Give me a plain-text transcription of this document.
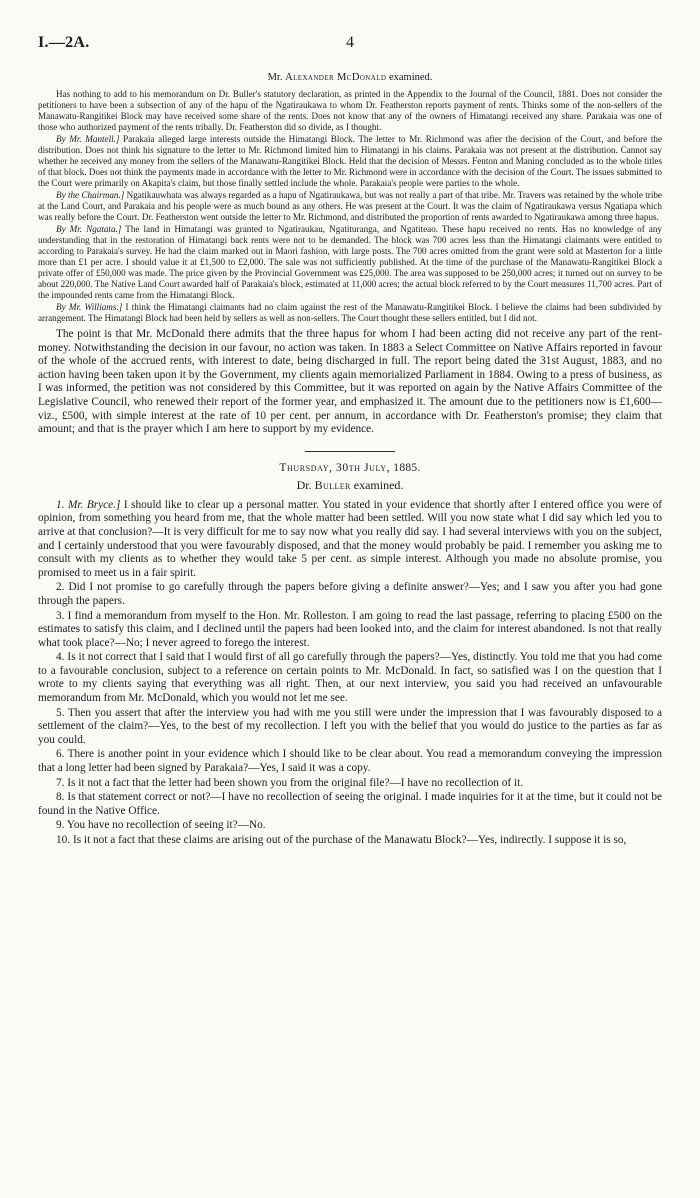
I.—2A.	4
Mr. Alexander McDonald examined.

Has nothing to add to his memorandum on Dr. Buller's statutory declaration, as printed in the Appendix to the Journal of the Council, 1881. Does not consider the petitioners to have been a subsection of any of the hapu of the Ngatiraukawa to whom Dr. Featherston reports payment of rents. Thinks some of the non-sellers of the Manawatu-Rangitikei Block may have received some share of the rents. Does not know that any of the owners of Himatangi received any share. Parakaia was one of those who authorized payment of the rents tribally. Dr. Featherston did so divide, as I thought.

By Mr. Mantell.] Parakaia alleged large interests outside the Himatangi Block. The letter to Mr. Richmond was after the decision of the Court, and before the distribution. Does not think his signature to the letter to Mr. Richmond limited him to Himatangi in his claims. Parakaia was not present at the distribution. Cannot say whether he received any money from the sellers of the Manawatu-Rangitikei Block. Held that the decision of Messrs. Fenton and Maning concluded as to the whole titles of that block. Does not think the payments made in accordance with the letter to Mr. Richmond were in accordance with the decision of the Court. The issues submitted to the Court were primarily on Akapita's claim, but those finally settled include the whole. Parakaia's people were parties to the whole.

By the Chairman.] Ngatikauwhata was always regarded as a hapu of Ngatiraukawa, but was not really a part of that tribe. Mr. Travers was retained by the whole tribe at the Land Court, and Parakaia and his people were as much bound as any others. He was present at the Court. It was the claim of Ngatiraukawa versus Ngatiapa which was really before the Court. Dr. Featherston went outside the letter to Mr. Richmond, and distributed the proportion of rents awarded to Ngatiraukawa among three hapus.

By Mr. Ngatata.] The land in Himatangi was granted to Ngatiraukau, Ngatituranga, and Ngatiteao. These hapu received no rents. Has no knowledge of any understanding that in the restoration of Himatangi back rents were not to be demanded. The block was 700 acres less than the Himatangi claimants were entitled to according to Parakaia's survey. He had the claim marked out in Maori fashion, with large posts. The 700 acres omitted from the grant were sold at Masterton for a little more than £1 per acre. I should value it at £1,500 to £2,000. The sale was not sufficiently published. At the time of the purchase of the Manawatu-Rangitikei Block a private offer of £50,000 was made. The price given by the Provincial Government was £25,000. The area was supposed to be 250,000 acres; it turned out on survey to be about 220,000. The Native Land Court awarded half of Parakaia's block, estimated at 11,000 acres; the actual block referred to by the Court measures 11,700 acres. Part of the impounded rents came from the Himatangi Block.

By Mr. Williams.] I think the Himatangi claimants had no claim against the rest of the Manawatu-Rangitikei Block. I believe the claims had been subdivided by arrangement. The Himatangi Block had been held by sellers as well as non-sellers. The Court thought these sellers entitled, but I did not.

The point is that Mr. McDonald there admits that the three hapus for whom I had been acting did not receive any part of the rent-money. Notwithstanding the decision in our favour, no action was taken. In 1883 a Select Committee on Native Affairs reported in favour of the whole of the accrued rents, with interest to date, being discharged in full. The report being dated the 31st August, 1883, and no action having been taken upon it by the Government, my clients again memorialized Parliament in 1884. Owing to a press of business, as I was informed, the petition was not considered by this Committee, but it was reported on again by the Native Affairs Committee of the Legislative Council, who renewed their report of the former year, and emphasized it. The amount due to the petitioners now is £1,600—viz., £500, with simple interest at the rate of 10 per cent. per annum, in accordance with Dr. Featherston's promise; they claim that amount; and that is the prayer which I am here to support by my evidence.

Thursday, 30th July, 1885.
Dr. Buller examined.

1. Mr. Bryce.] I should like to clear up a personal matter. You stated in your evidence that shortly after I entered office you were of opinion, from something you heard from me, that the whole matter had been settled. Will you now state what I did say which led you to arrive at that conclusion?—It is very difficult for me to say now what you really did say. I had several interviews with you on the subject, and I certainly understood that you were favourably disposed, and that the money would probably be paid. I remember you asking me to consult with my clients as to whether they would take 5 per cent. as simple interest. Although you made no absolute promise, you promised to meet us in a fair spirit.

2. Did I not promise to go carefully through the papers before giving a definite answer?—Yes; and I saw you after you had gone through the papers.

3. I find a memorandum from myself to the Hon. Mr. Rolleston. I am going to read the last passage, referring to placing £500 on the estimates to satisfy this claim, and I declined until the papers had been looked into, and the claim for interest abandoned. Is not that really what took place?—No; I never agreed to forego the interest.

4. Is it not correct that I said that I would first of all go carefully through the papers?—Yes, distinctly. You told me that you had come to a favourable conclusion, subject to a reference on certain points to Mr. McDonald. In fact, so satisfied was I on the question that I wrote to my clients saying that everything was all right. Then, at our next interview, you said you had received an unfavourable memorandum from Mr. McDonald, which you would not let me see.

5. Then you assert that after the interview you had with me you still were under the impression that I was favourably disposed to a settlement of the claim?—Yes, to the best of my recollection. I left you with the belief that you would do justice to the parties as far as you could.

6. There is another point in your evidence which I should like to be clear about. You read a memorandum conveying the impression that a long letter had been signed by Parakaia?—Yes, I said it was a copy.

7. Is it not a fact that the letter had been shown you from the original file?—I have no recollection of it.

8. Is that statement correct or not?—I have no recollection of seeing the original. I made inquiries for it at the time, but it could not be found in the Native Office.

9. You have no recollection of seeing it?—No.

10. Is it not a fact that these claims are arising out of the purchase of the Manawatu Block?—Yes, indirectly. I suppose it is so,
